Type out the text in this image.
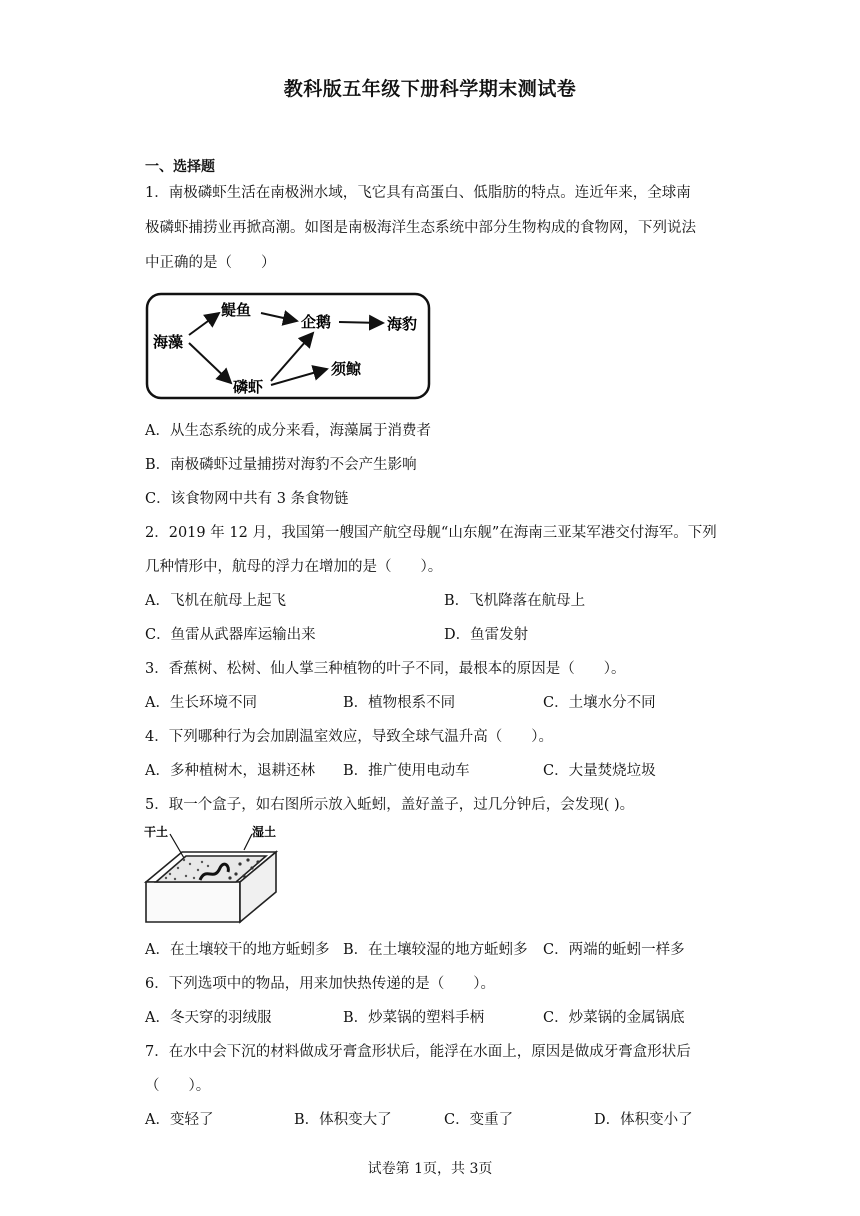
教科版五年级下册科学期末测试卷
一、选择题
1．南极磷虾生活在南极洲水域，飞它具有高蛋白、低脂肪的特点。连近年来，全球南
极磷虾捕捞业再掀高潮。如图是南极海洋生态系统中部分生物构成的食物网，下列说法
中正确的是（　　）
海藻
鳀鱼
企鹅	海豹
磷虾
须鲸
A．从生态系统的成分来看，海藻属于消费者
B．南极磷虾过量捕捞对海豹不会产生影响
C．该食物网中共有 3 条食物链
2．2019 年 12 月，我国第一艘国产航空母舰“山东舰”在海南三亚某军港交付海军。下列
几种情形中，航母的浮力在增加的是（　　）。
A．飞机在航母上起飞	B．飞机降落在航母上
C．鱼雷从武器库运输出来	D．鱼雷发射
3．香蕉树、松树、仙人掌三种植物的叶子不同，最根本的原因是（　　）。
A．生长环境不同	B．植物根系不同	C．土壤水分不同
4．下列哪种行为会加剧温室效应，导致全球气温升高（　　）。
A．多种植树木，退耕还林 B．推广使用电动车	C．大量焚烧垃圾
5．取一个盒子，如右图所示放入蚯蚓，盖好盖子，过几分钟后，会发现( )。
干土	湿土
A．在土壤较干的地方蚯蚓多 B．在土壤较湿的地方蚯蚓多 C．两端的蚯蚓一样多
6．下列选项中的物品，用来加快热传递的是（　　）。
A．冬天穿的羽绒服	B．炒菜锅的塑料手柄	C．炒菜锅的金属锅底
7．在水中会下沉的材料做成牙膏盒形状后，能浮在水面上，原因是做成牙膏盒形状后
（　　）。
A．变轻了	B．体积变大了	C．变重了	D．体积变小了
试卷第 1页，共 3页
